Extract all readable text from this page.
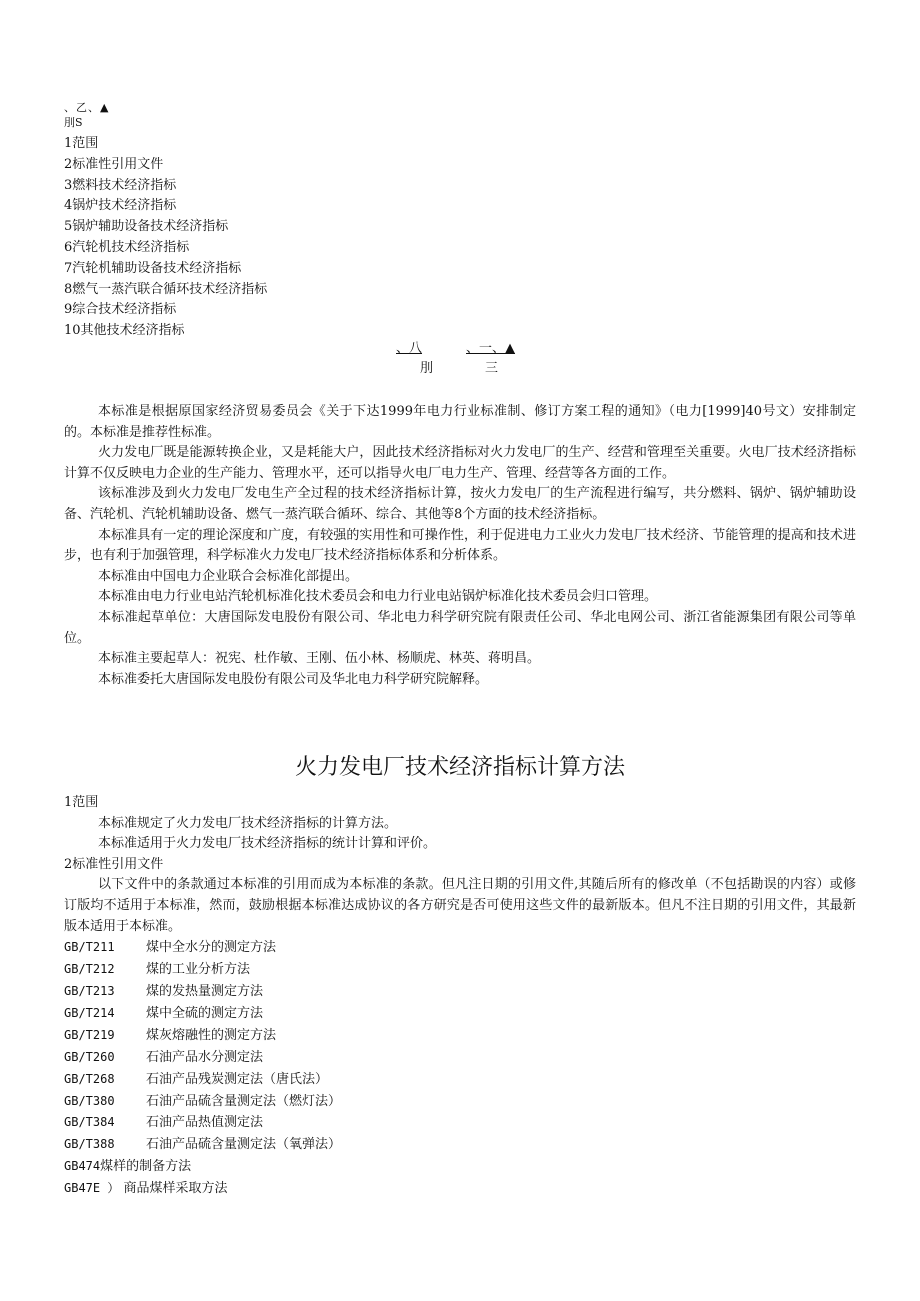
、乙、▲
刖S
1范围
2标准性引用文件
3燃料技术经济指标
4锅炉技术经济指标
5锅炉辅助设备技术经济指标
6汽轮机技术经济指标
7汽轮机辅助设备技术经济指标
8燃气一蒸汽联合循环技术经济指标
9综合技术经济指标
10其他技术经济指标
、八	、一、▲
刖	三

本标准是根据原国家经济贸易委员会《关于下达1999年电力行业标准制、修订方案工程的通知》（电力[1999]40号文）安排制定的。本标准是推荐性标准。

火力发电厂既是能源转换企业，又是耗能大户，因此技术经济指标对火力发电厂的生产、经营和管理至关重要。火电厂技术经济指标计算不仅反映电力企业的生产能力、管理水平，还可以指导火电厂电力生产、管理、经营等各方面的工作。

该标准涉及到火力发电厂发电生产全过程的技术经济指标计算，按火力发电厂的生产流程进行编写，共分燃料、锅炉、锅炉辅助设备、汽轮机、汽轮机辅助设备、燃气一蒸汽联合循环、综合、其他等8个方面的技术经济指标。

本标准具有一定的理论深度和广度，有较强的实用性和可操作性，利于促进电力工业火力发电厂技术经济、节能管理的提高和技术进步，也有利于加强管理，科学标准火力发电厂技术经济指标体系和分析体系。

本标准由中国电力企业联合会标准化部提出。

本标准由电力行业电站汽轮机标准化技术委员会和电力行业电站锅炉标准化技术委员会归口管理。

本标准起草单位：大唐国际发电股份有限公司、华北电力科学研究院有限责任公司、华北电网公司、浙江省能源集团有限公司等单位。

本标准主要起草人：祝宪、杜作敏、王刚、伍小林、杨顺虎、林英、蒋明昌。

本标准委托大唐国际发电股份有限公司及华北电力科学研究院解释。

火力发电厂技术经济指标计算方法

1范围

本标准规定了火力发电厂技术经济指标的计算方法。

本标准适用于火力发电厂技术经济指标的统计计算和评价。

2标准性引用文件

以下文件中的条款通过本标准的引用而成为本标准的条款。但凡注日期的引用文件,其随后所有的修改单（不包括勘误的内容）或修订版均不适用于本标准，然而，鼓励根据本标准达成协议的各方研究是否可使用这些文件的最新版本。但凡不注日期的引用文件，其最新版本适用于本标准。

GB/T211 煤中全水分的测定方法
GB/T212 煤的工业分析方法
GB/T213 煤的发热量测定方法
GB/T214 煤中全硫的测定方法
GB/T219 煤灰熔融性的测定方法
GB/T260 石油产品水分测定法
GB/T268 石油产品残炭测定法（唐氏法）
GB/T380 石油产品硫含量测定法（燃灯法）
GB/T384 石油产品热值测定法
GB/T388 石油产品硫含量测定法（氧弹法）
GB474煤样的制备方法
GB47E ） 商品煤样采取方法
